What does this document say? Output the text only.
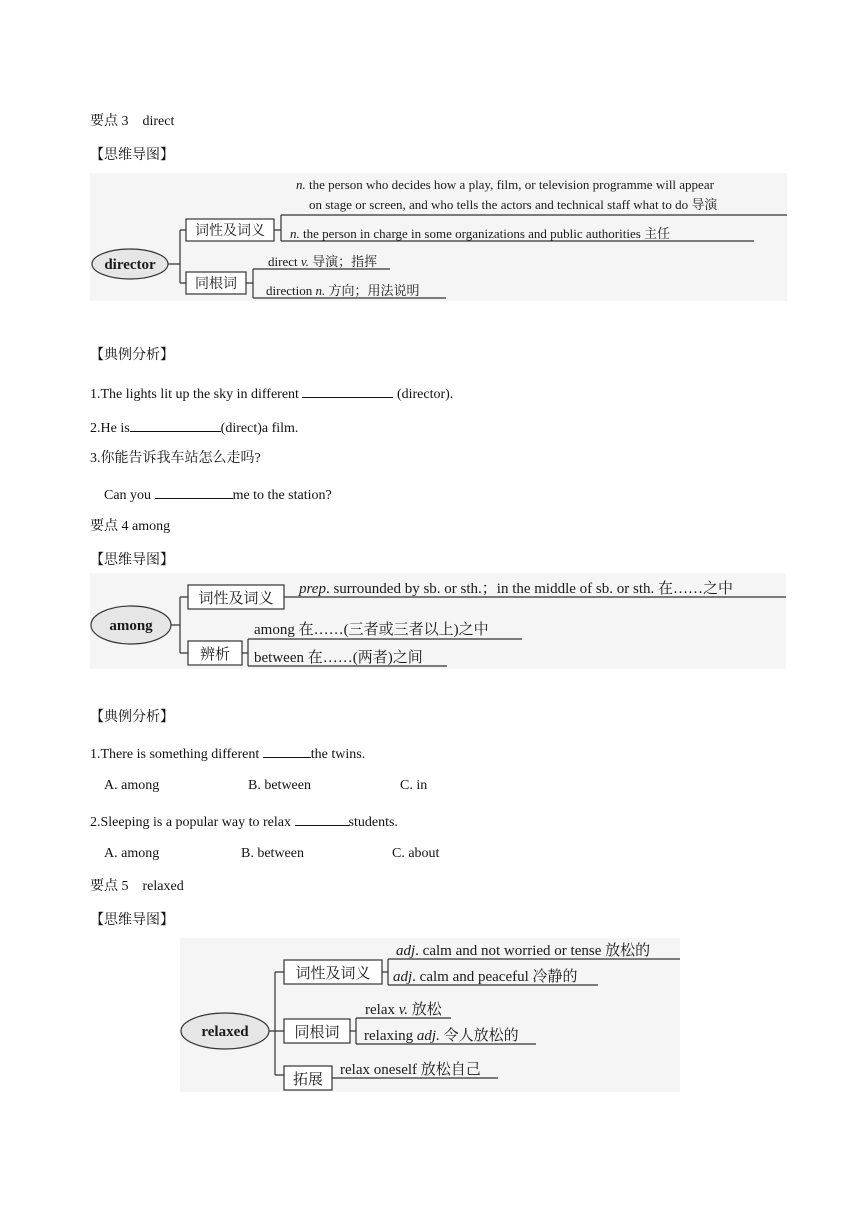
要点 3    direct
【思维导图】
director
词性及词义
同根词
n. the person who decides how a play, film, or television programme will appear
on stage or screen, and who tells the actors and technical staff what to do 导演
n. the person in charge in some organizations and public authorities 主任
direct v. 导演；指挥
direction n. 方向；用法说明
【典例分析】
1.The lights lit up the sky in different	(director).
2.He is	(direct)a film.
3.你能告诉我车站怎么走吗?
Can you	me to the station?
要点 4 among
【思维导图】
among
词性及词义
辨析
prep. surrounded by sb. or sth.；in the middle of sb. or sth. 在……之中
among 在……(三者或三者以上)之中
between 在……(两者)之间
【典例分析】
1.There is something different	the twins.
A. among	B. between	C. in
2.Sleeping is a popular way to relax	students.
A. among	B. between	C. about
要点 5    relaxed
【思维导图】
relaxed
词性及词义
同根词
拓展
adj. calm and not worried or tense 放松的
adj. calm and peaceful 冷静的
relax v. 放松
relaxing adj. 令人放松的
relax oneself 放松自己
